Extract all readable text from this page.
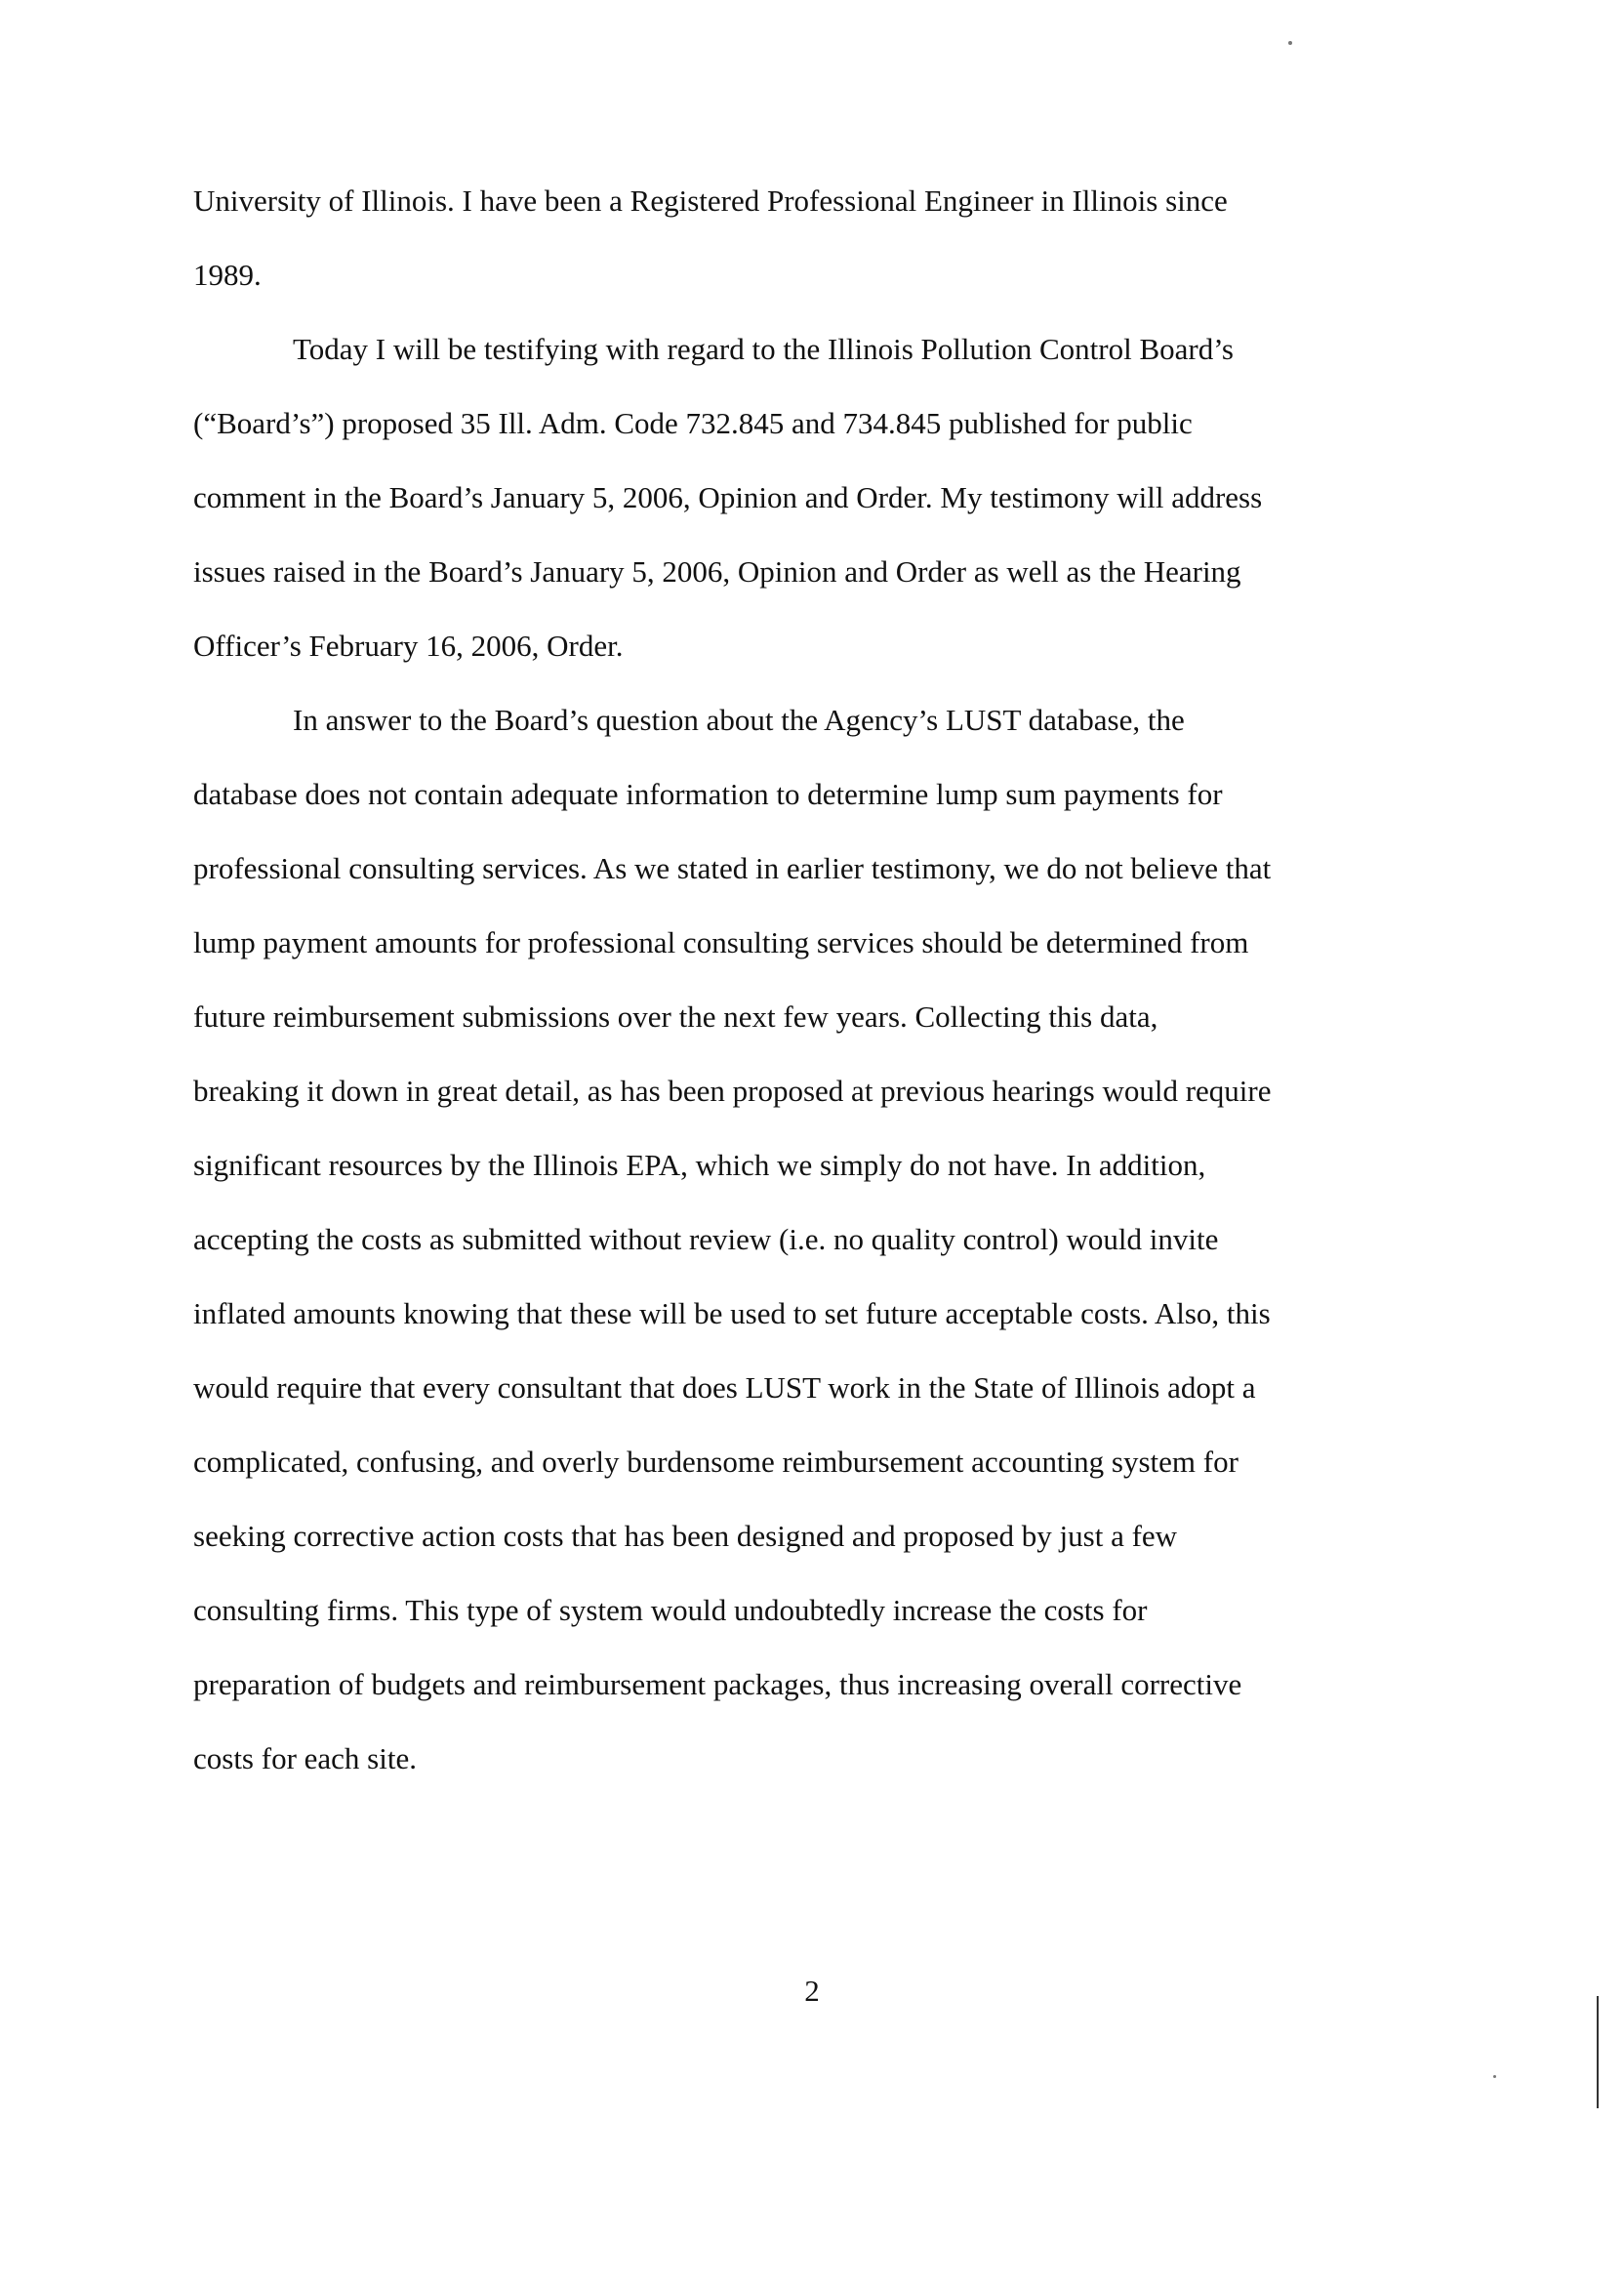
University of Illinois. I have been a Registered Professional Engineer in Illinois since
1989.
Today I will be testifying with regard to the Illinois Pollution Control Board’s
(“Board’s”) proposed 35 Ill. Adm. Code 732.845 and 734.845 published for public
comment in the Board’s January 5, 2006, Opinion and Order. My testimony will address
issues raised in the Board’s January 5, 2006, Opinion and Order as well as the Hearing
Officer’s February 16, 2006, Order.
In answer to the Board’s question about the Agency’s LUST database, the
database does not contain adequate information to determine lump sum payments for
professional consulting services. As we stated in earlier testimony, we do not believe that
lump payment amounts for professional consulting services should be determined from
future reimbursement submissions over the next few years. Collecting this data,
breaking it down in great detail, as has been proposed at previous hearings would require
significant resources by the Illinois EPA, which we simply do not have. In addition,
accepting the costs as submitted without review (i.e. no quality control) would invite
inflated amounts knowing that these will be used to set future acceptable costs. Also, this
would require that every consultant that does LUST work in the State of Illinois adopt a
complicated, confusing, and overly burdensome reimbursement accounting system for
seeking corrective action costs that has been designed and proposed by just a few
consulting firms. This type of system would undoubtedly increase the costs for
preparation of budgets and reimbursement packages, thus increasing overall corrective
costs for each site.
2
